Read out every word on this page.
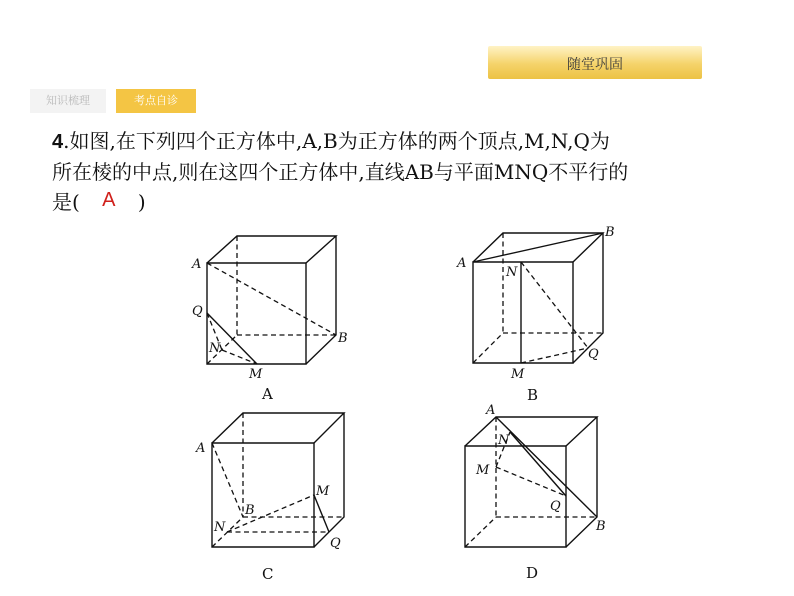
随堂巩固
知识梳理	考点自诊
4.如图,在下列四个正方体中,A,B为正方体的两个顶点,M,N,Q为
所在棱的中点,则在这四个正方体中,直线AB与平面MNQ不平行的
是( A )
A
Q
N
M
B
A
A
B
N
M
Q
B
A
M
B
N
Q
C
A
N
M
Q
B
D
